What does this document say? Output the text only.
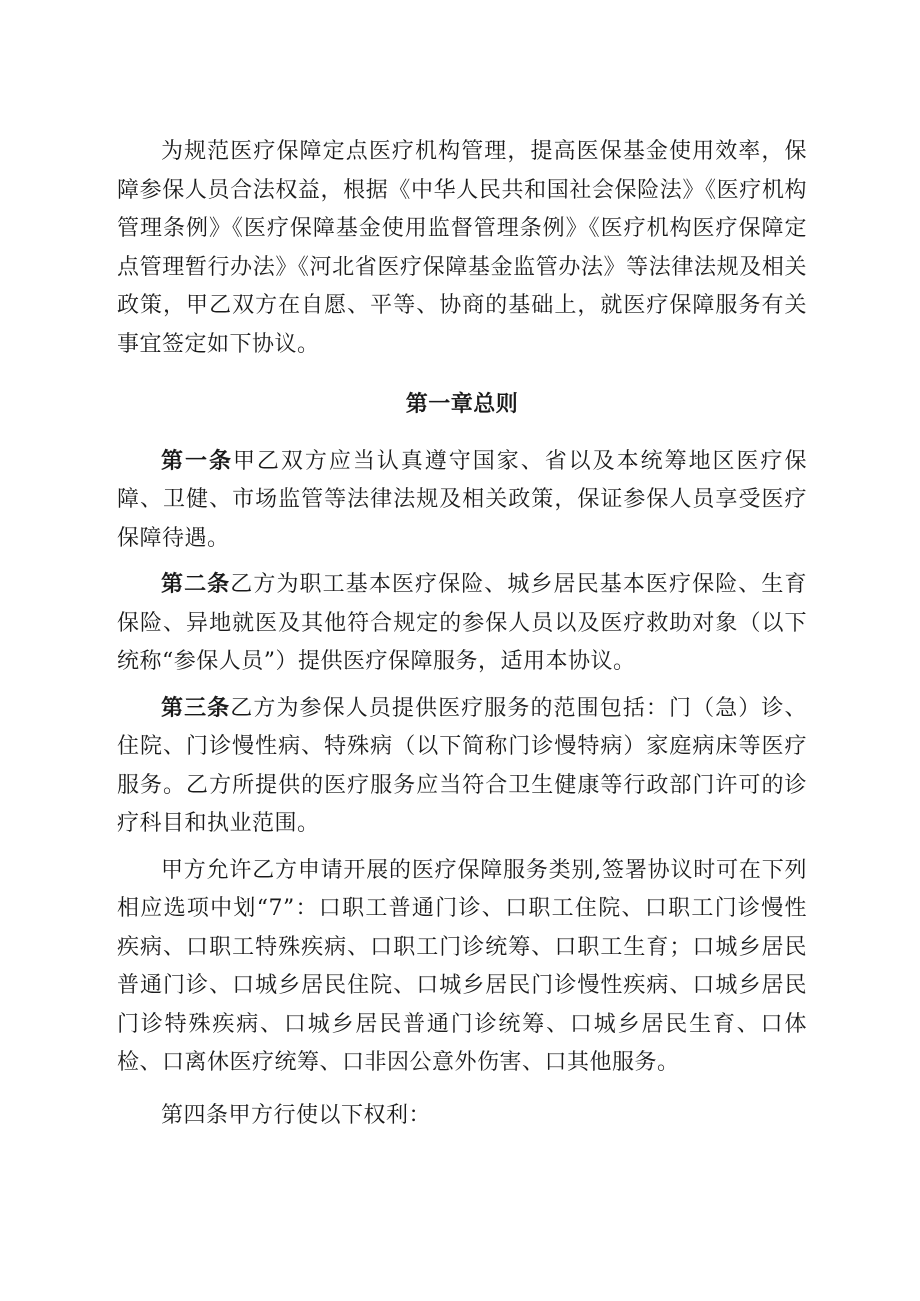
为规范医疗保障定点医疗机构管理，提高医保基金使用效率，保障参保人员合法权益，根据《中华人民共和国社会保险法》《医疗机构管理条例》《医疗保障基金使用监督管理条例》《医疗机构医疗保障定点管理暂行办法》《河北省医疗保障基金监管办法》等法律法规及相关政策，甲乙双方在自愿、平等、协商的基础上，就医疗保障服务有关事宜签定如下协议。

第一章总则

第一条甲乙双方应当认真遵守国家、省以及本统筹地区医疗保障、卫健、市场监管等法律法规及相关政策，保证参保人员享受医疗保障待遇。

第二条乙方为职工基本医疗保险、城乡居民基本医疗保险、生育保险、异地就医及其他符合规定的参保人员以及医疗救助对象（以下统称“参保人员”）提供医疗保障服务，适用本协议。

第三条乙方为参保人员提供医疗服务的范围包括：门（急）诊、住院、门诊慢性病、特殊病（以下简称门诊慢特病）家庭病床等医疗服务。乙方所提供的医疗服务应当符合卫生健康等行政部门许可的诊疗科目和执业范围。

甲方允许乙方申请开展的医疗保障服务类别,签署协议时可在下列相应选项中划“7”：口职工普通门诊、口职工住院、口职工门诊慢性疾病、口职工特殊疾病、口职工门诊统筹、口职工生育；口城乡居民普通门诊、口城乡居民住院、口城乡居民门诊慢性疾病、口城乡居民门诊特殊疾病、口城乡居民普通门诊统筹、口城乡居民生育、口体检、口离休医疗统筹、口非因公意外伤害、口其他服务。

第四条甲方行使以下权利：
